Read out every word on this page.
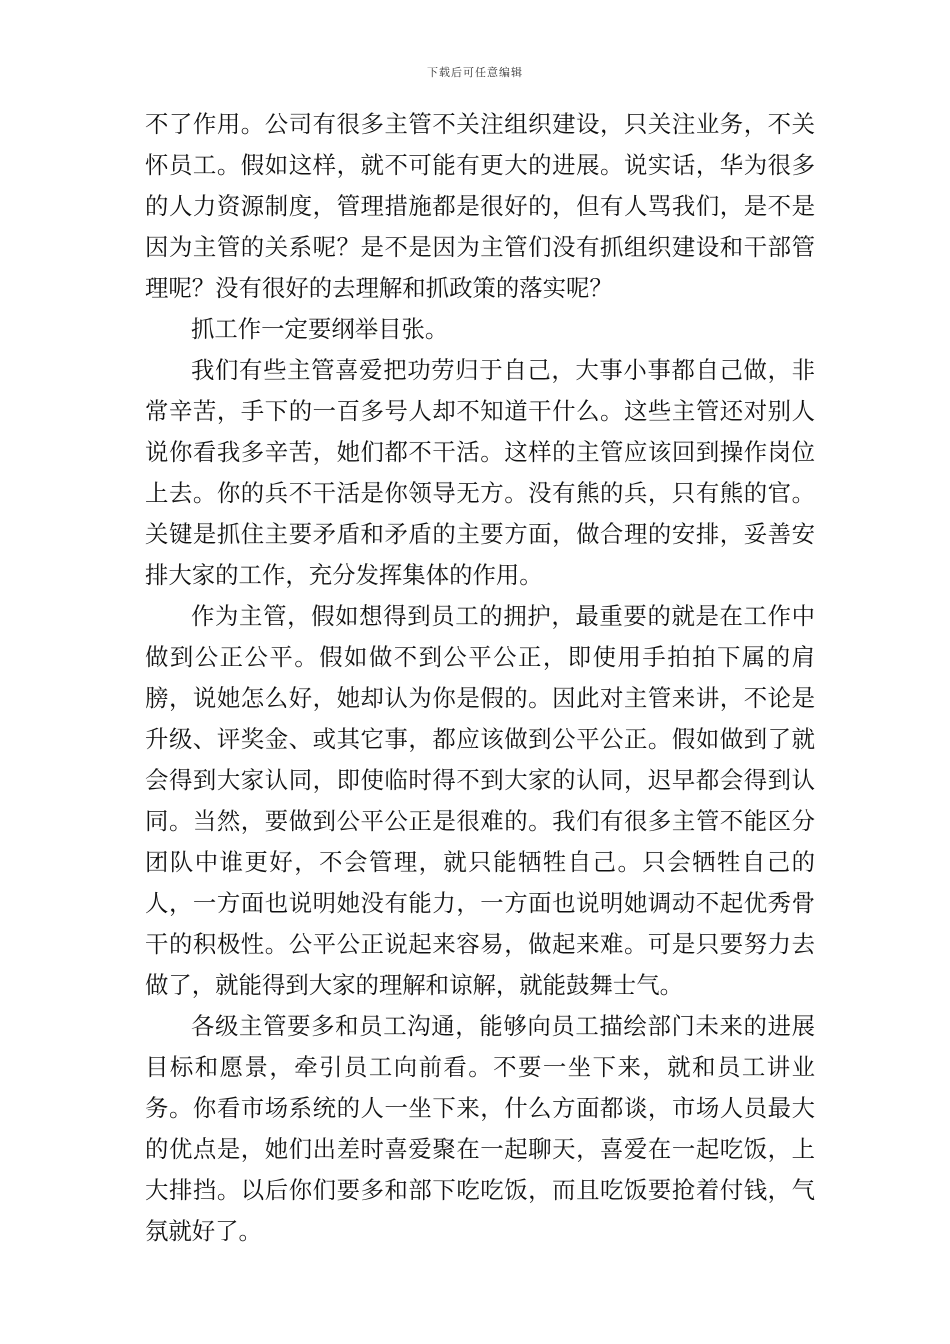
下载后可任意编辑

不了作用。公司有很多主管不关注组织建设，只关注业务，不关怀员工。假如这样，就不可能有更大的进展。说实话，华为很多的人力资源制度，管理措施都是很好的，但有人骂我们，是不是因为主管的关系呢？是不是因为主管们没有抓组织建设和干部管理呢？没有很好的去理解和抓政策的落实呢？

抓工作一定要纲举目张。

我们有些主管喜爱把功劳归于自己，大事小事都自己做，非常辛苦，手下的一百多号人却不知道干什么。这些主管还对别人说你看我多辛苦，她们都不干活。这样的主管应该回到操作岗位上去。你的兵不干活是你领导无方。没有熊的兵，只有熊的官。关键是抓住主要矛盾和矛盾的主要方面，做合理的安排，妥善安排大家的工作，充分发挥集体的作用。

作为主管，假如想得到员工的拥护，最重要的就是在工作中做到公正公平。假如做不到公平公正，即使用手拍拍下属的肩膀，说她怎么好，她却认为你是假的。因此对主管来讲，不论是升级、评奖金、或其它事，都应该做到公平公正。假如做到了就会得到大家认同，即使临时得不到大家的认同，迟早都会得到认同。当然，要做到公平公正是很难的。我们有很多主管不能区分团队中谁更好，不会管理，就只能牺牲自己。只会牺牲自己的人，一方面也说明她没有能力，一方面也说明她调动不起优秀骨干的积极性。公平公正说起来容易，做起来难。可是只要努力去做了，就能得到大家的理解和谅解，就能鼓舞士气。

各级主管要多和员工沟通，能够向员工描绘部门未来的进展目标和愿景，牵引员工向前看。不要一坐下来，就和员工讲业务。你看市场系统的人一坐下来，什么方面都谈，市场人员最大的优点是，她们出差时喜爱聚在一起聊天，喜爱在一起吃饭，上大排挡。以后你们要多和部下吃吃饭，而且吃饭要抢着付钱，气氛就好了。
